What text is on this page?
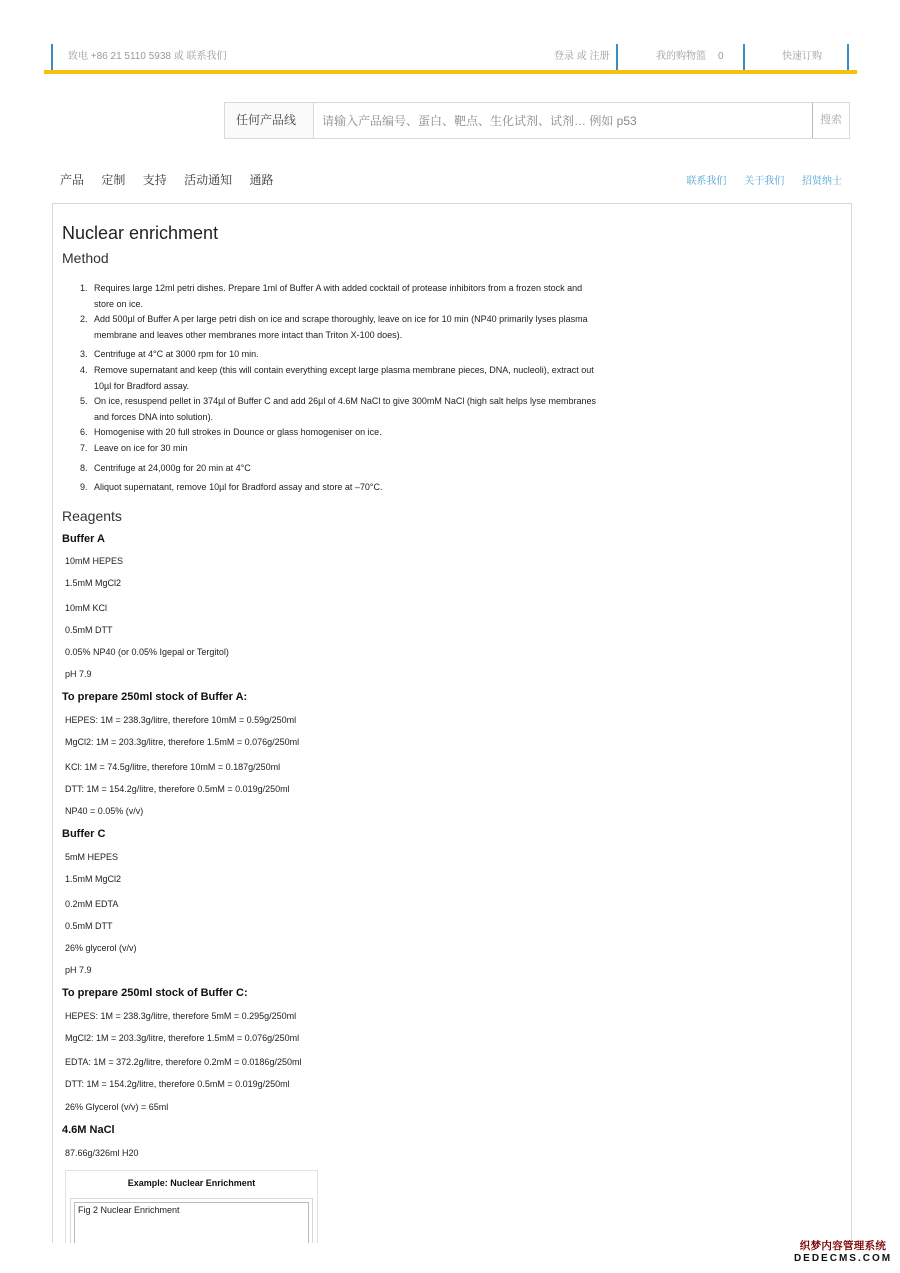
致电 +86 21 5110 5938 或 联系我们	登录 或 注册	我的购物篮 0	快速订购
任何产品线
请输入产品编号、蛋白、靶点、生化试剂、试剂… 例如 p53	搜索
产品 定制 支持 活动通知 通路	联系我们 关于我们 招贤纳士
Nuclear enrichment
Method
1. Requires large 12ml petri dishes. Prepare 1ml of Buffer A with added cocktail of protease inhibitors from a frozen stock and
store on ice.
2. Add 500µl of Buffer A per large petri dish on ice and scrape thoroughly, leave on ice for 10 min (NP40 primarily lyses plasma
membrane and leaves other membranes more intact than Triton X-100 does).
3. Centrifuge at 4°C at 3000 rpm for 10 min.
4. Remove supernatant and keep (this will contain everything except large plasma membrane pieces, DNA, nucleoli), extract out
10µl for Bradford assay.
5. On ice, resuspend pellet in 374µl of Buffer C and add 26µl of 4.6M NaCl to give 300mM NaCl (high salt helps lyse membranes
and forces DNA into solution).
6. Homogenise with 20 full strokes in Dounce or glass homogeniser on ice.
7. Leave on ice for 30 min
8. Centrifuge at 24,000g for 20 min at 4°C
9. Aliquot supernatant, remove 10µl for Bradford assay and store at –70°C.
Reagents
Buffer A
10mM HEPES
1.5mM MgCl2
10mM KCl
0.5mM DTT
0.05% NP40 (or 0.05% Igepal or Tergitol)
pH 7.9
To prepare 250ml stock of Buffer A:
HEPES: 1M = 238.3g/litre, therefore 10mM = 0.59g/250ml
MgCl2: 1M = 203.3g/litre, therefore 1.5mM = 0.076g/250ml
KCl: 1M = 74.5g/litre, therefore 10mM = 0.187g/250ml
DTT: 1M = 154.2g/litre, therefore 0.5mM = 0.019g/250ml
NP40 = 0.05% (v/v)
Buffer C
5mM HEPES
1.5mM MgCl2
0.2mM EDTA
0.5mM DTT
26% glycerol (v/v)
pH 7.9
To prepare 250ml stock of Buffer C:
HEPES: 1M = 238.3g/litre, therefore 5mM = 0.295g/250ml
MgCl2: 1M = 203.3g/litre, therefore 1.5mM = 0.076g/250ml
EDTA: 1M = 372.2g/litre, therefore 0.2mM = 0.0186g/250ml
DTT: 1M = 154.2g/litre, therefore 0.5mM = 0.019g/250ml
26% Glycerol (v/v) = 65ml
4.6M NaCl
87.66g/326ml H20
Example: Nuclear Enrichment
Fig 2 Nuclear Enrichment
织梦内容管理系统
DEDECMS.COM
